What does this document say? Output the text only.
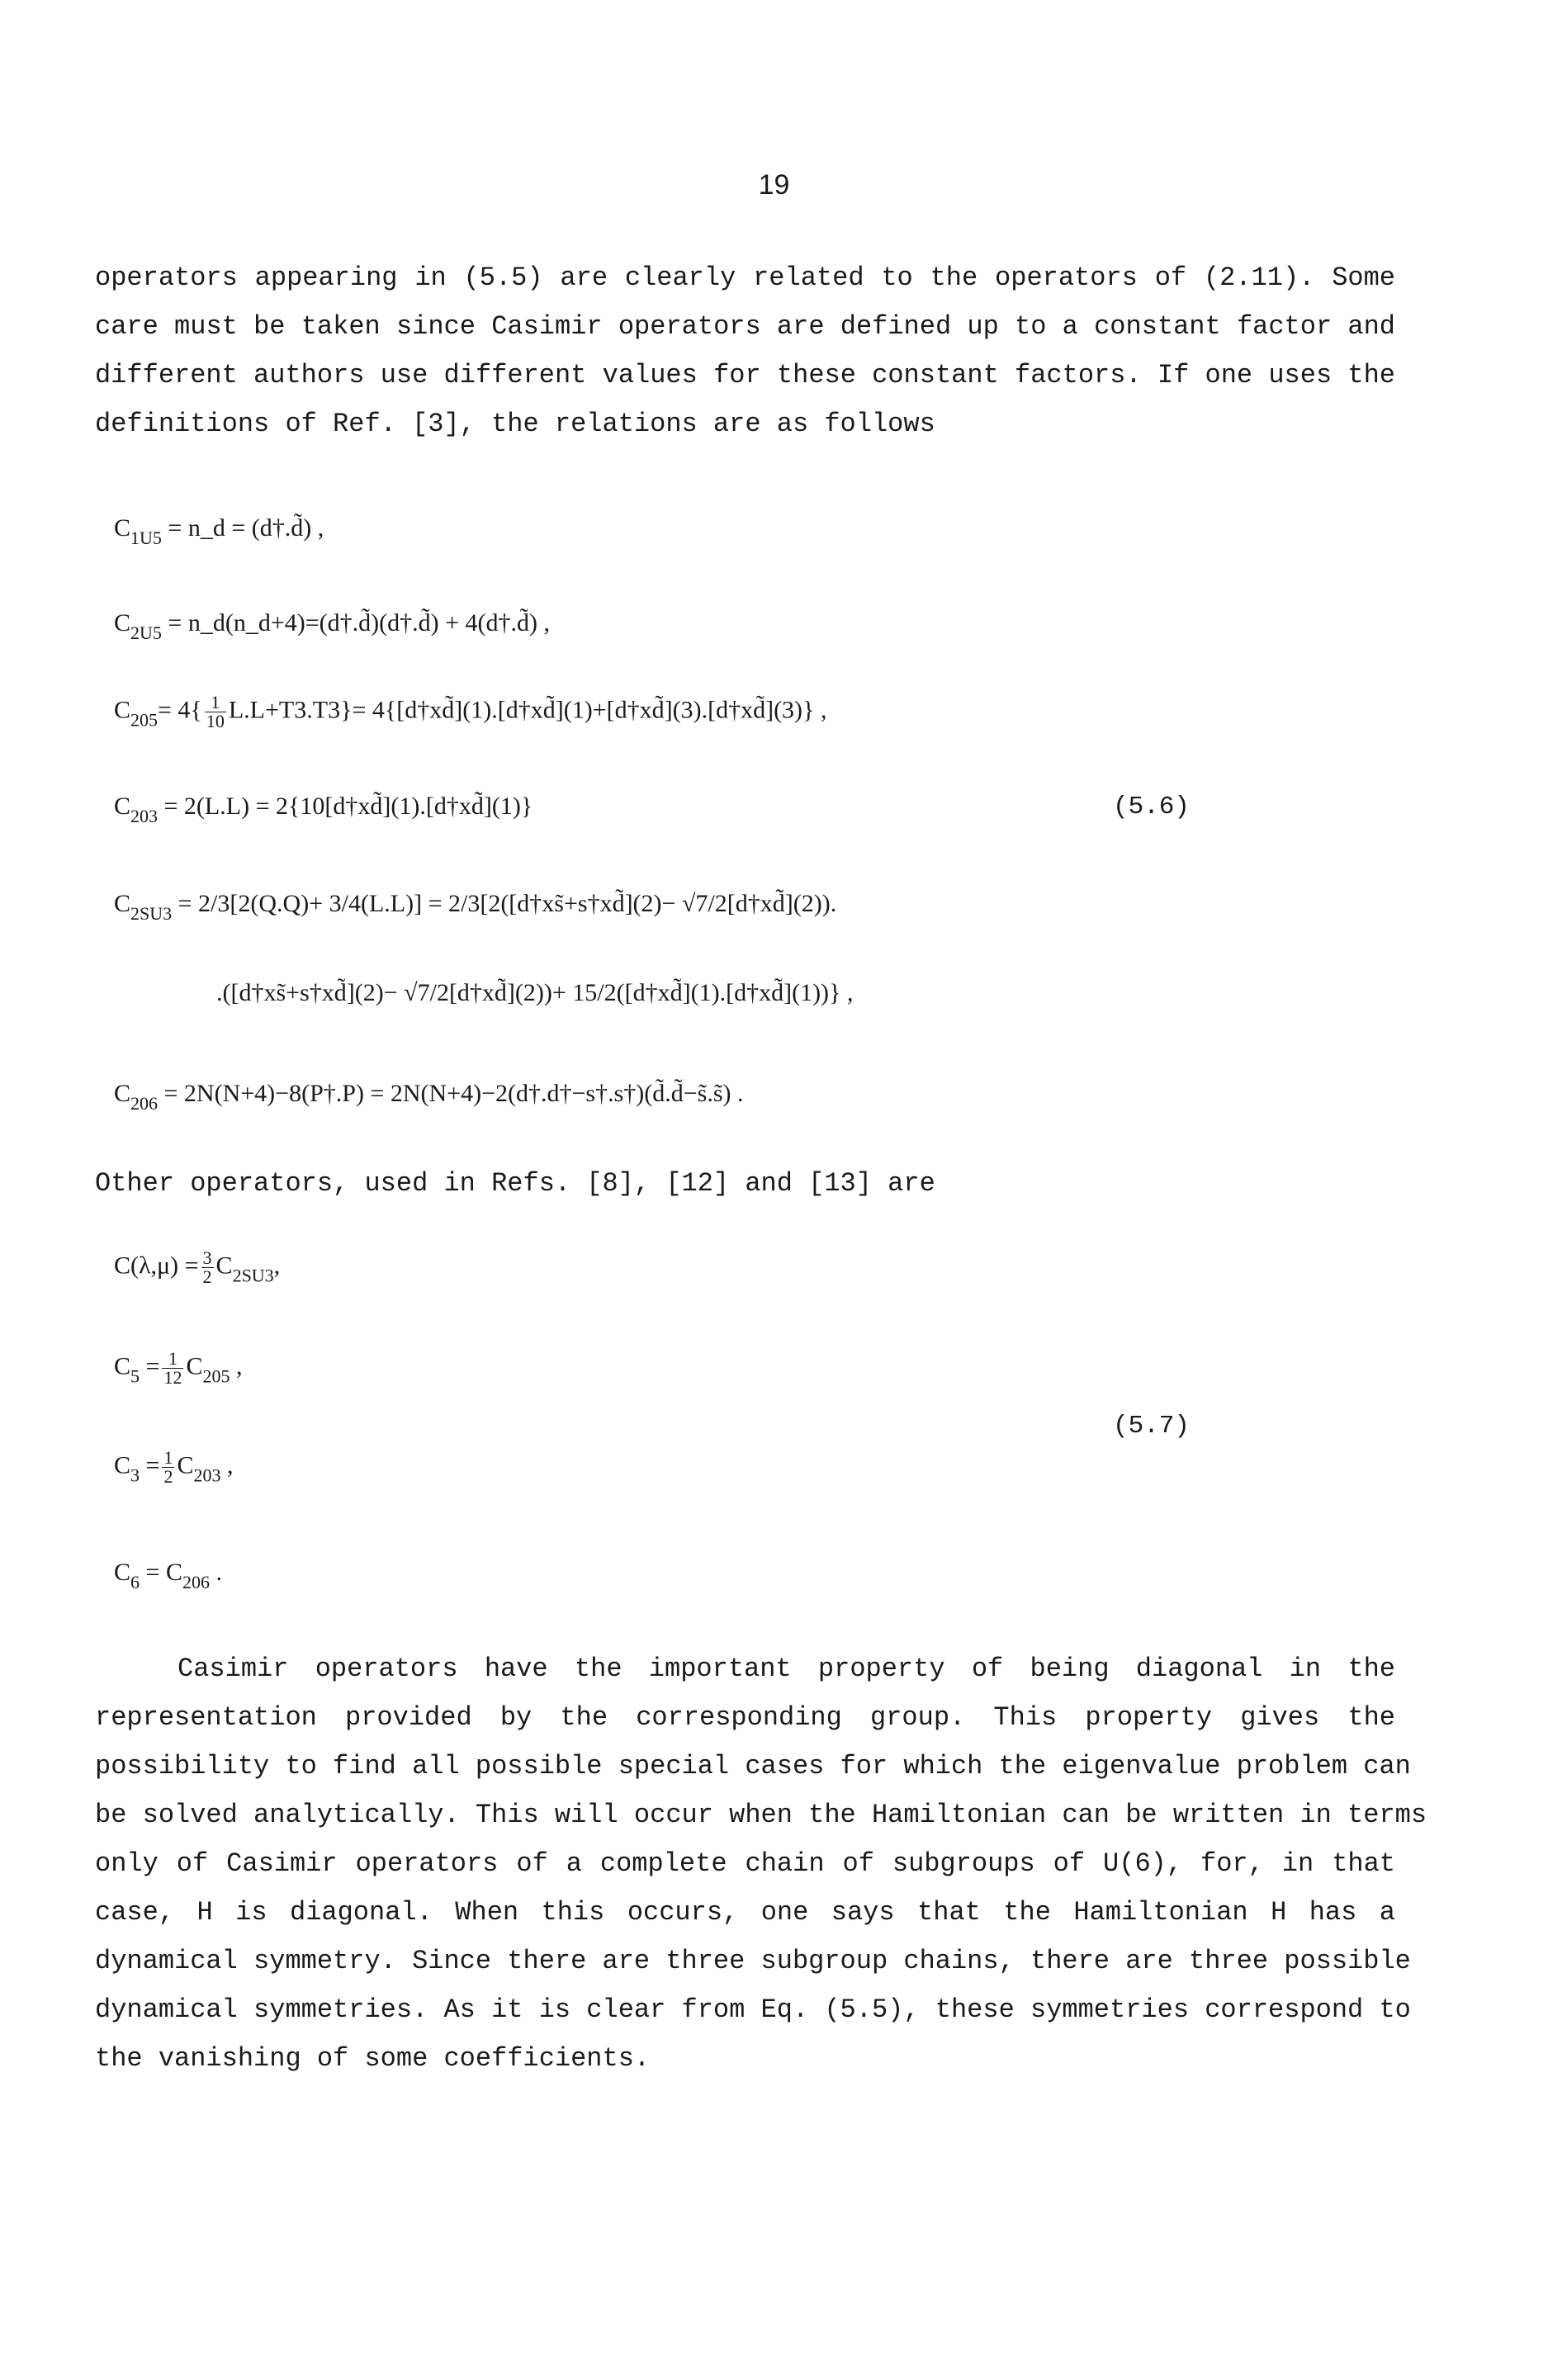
19
operators appearing in (5.5) are clearly related to the operators of (2.11). Some
care must be taken since Casimir operators are defined up to a constant factor and
different authors use different values for these constant factors. If one uses the
definitions of Ref. [3], the relations are as follows
$C_{1U5}$ = n_d = (d†.d̃) ,
$C_{2U5}$ = n_d(n_d+4)=(d†.d̃)(d†.d̃) + 4(d†.d̃) ,
$C_{205}= 4\{ \frac{1}{10} L.L+T3.T3\}=$ 4{[d†xd̃](1).[d†xd̃](1)+[d†xd̃](3).[d†xd̃](3)} ,
$C_{203} = 2(L.L)$ = 2{10[d†xd̃](1).[d†xd̃](1)}	(5.6)
$C_{2SU3} = 2/3[2(Q.Q)+ 3/4(L.L)]$ = 2/3[2([d†xs̃+s†xd̃](2)− √7/2[d†xd̃](2)).
.([d†xs̃+s†xd̃](2)− √7/2[d†xd̃](2))+ 15/2([d†xd̃](1).[d†xd̃](1))} ,
$C_{206}$ = 2N(N+4)−8(P†.P) = 2N(N+4)−2(d†.d†−s†.s†)(d̃.d̃−s̃.s̃) .
Other operators, used in Refs. [8], [12] and [13] are
$C(\lambda,\mu) = \frac{3}{2} C_{2SU3}$,
$C_5 = \frac{1}{12} C_{205}$ ,
(5.7)
$C_3 = \frac{1}{2} C_{203}$ ,
$C_6 = C_{206}$ .
Casimir operators have the important property of being diagonal in the
representation provided by the corresponding group. This property gives the
possibility to find all possible special cases for which the eigenvalue problem can
be solved analytically. This will occur when the Hamiltonian can be written in terms
only of Casimir operators of a complete chain of subgroups of U(6), for, in that
case, H is diagonal. When this occurs, one says that the Hamiltonian H has a
dynamical symmetry. Since there are three subgroup chains, there are three possible
dynamical symmetries. As it is clear from Eq. (5.5), these symmetries correspond to
the vanishing of some coefficients.
